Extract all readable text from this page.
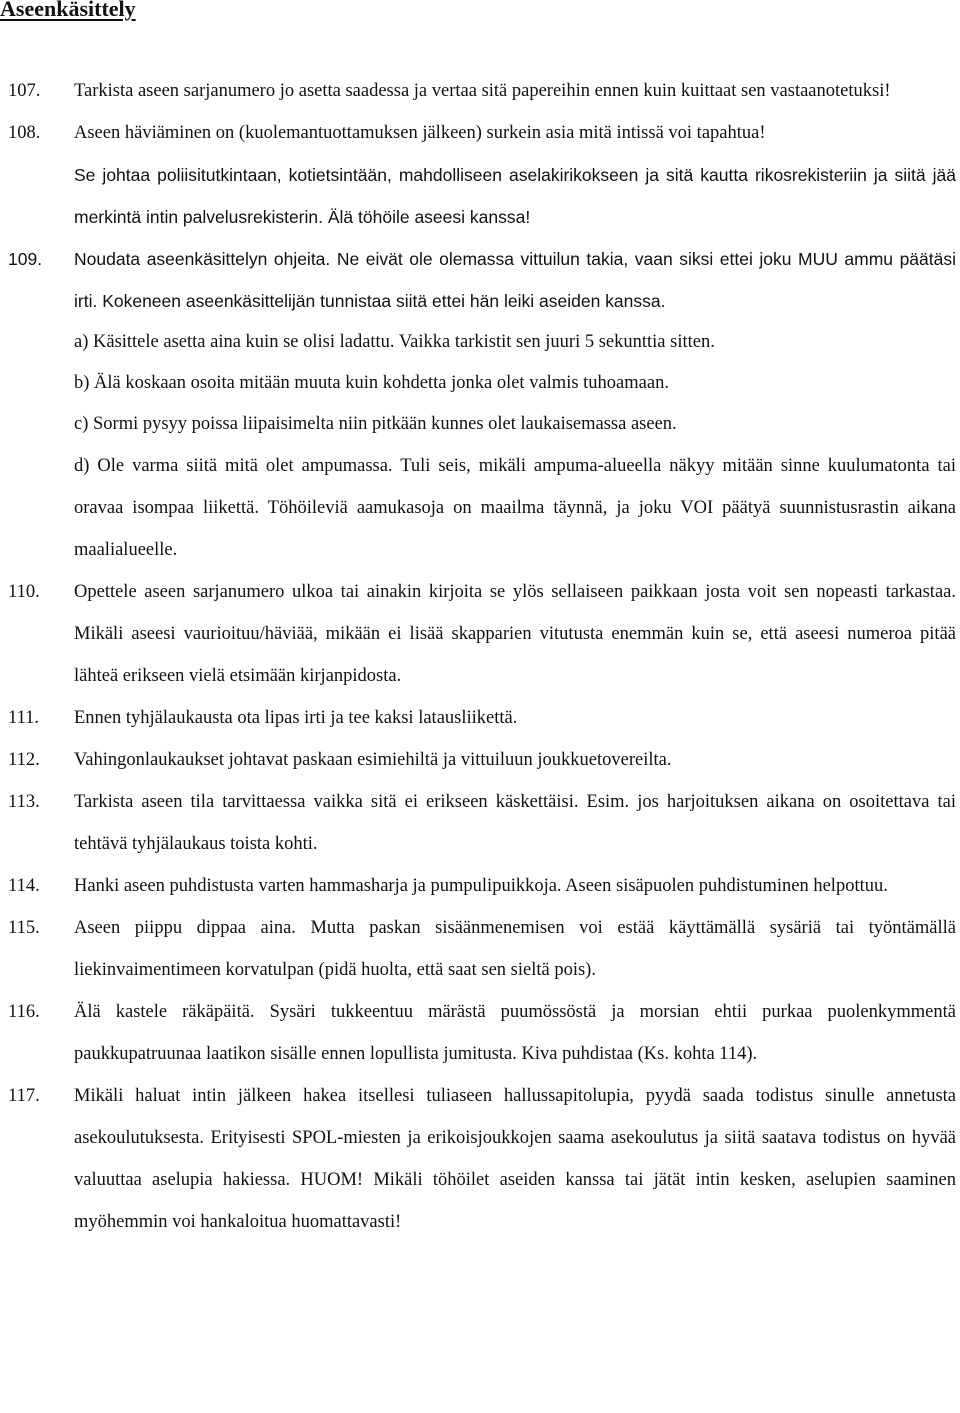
Aseenkäsittely
107. Tarkista aseen sarjanumero jo asetta saadessa ja vertaa sitä papereihin ennen kuin kuittaat sen vastaanotetuksi!
108. Aseen häviäminen on (kuolemantuottamuksen jälkeen) surkein asia mitä intissä voi tapahtua!
Se johtaa poliisitutkintaan, kotietsintään, mahdolliseen aselakirikokseen ja sitä kautta rikosrekisteriin ja siitä jää merkintä intin palvelusrekisterin. Älä töhöile aseesi kanssa!
109. Noudata aseenkäsittelyn ohjeita. Ne eivät ole olemassa vittuilun takia, vaan siksi ettei joku MUU ammu päätäsi irti. Kokeneen aseenkäsittelijän tunnistaa siitä ettei hän leiki aseiden kanssa.
a) Käsittele asetta aina kuin se olisi ladattu. Vaikka tarkistit sen juuri 5 sekunttia sitten.
b) Älä koskaan osoita mitään muuta kuin kohdetta jonka olet valmis tuhoamaan.
c) Sormi pysyy poissa liipaisimelta niin pitkään kunnes olet laukaisemassa aseen.
d) Ole varma siitä mitä olet ampumassa. Tuli seis, mikäli ampuma-alueella näkyy mitään sinne kuulumatonta tai oravaa isompaa liikettä. Töhöileviä aamukasoja on maailma täynnä, ja joku VOI päätyä suunnistusrastin aikana maalialueelle.
110. Opettele aseen sarjanumero ulkoa tai ainakin kirjoita se ylös sellaiseen paikkaan josta voit sen nopeasti tarkastaa. Mikäli aseesi vaurioituu/häviää, mikään ei lisää skapparien vitutusta enemmän kuin se, että aseesi numeroa pitää lähteä erikseen vielä etsimään kirjanpidosta.
111. Ennen tyhjälaukausta ota lipas irti ja tee kaksi latausliikettä.
112. Vahingonlaukaukset johtavat paskaan esimiehiltä ja vittuiluun joukkuetovereilta.
113. Tarkista aseen tila tarvittaessa vaikka sitä ei erikseen käskettäisi. Esim. jos harjoituksen aikana on osoitettava tai tehtävä tyhjälaukaus toista kohti.
114. Hanki aseen puhdistusta varten hammasharja ja pumpulipuikkoja. Aseen sisäpuolen puhdistuminen helpottuu.
115. Aseen piippu dippaa aina. Mutta paskan sisäänmenemisen voi estää käyttämällä sysäriä tai työntämällä liekinvaimentimeen korvatulpan (pidä huolta, että saat sen sieltä pois).
116. Älä kastele räkäpäitä. Sysäri tukkeentuu märästä puumössöstä ja morsian ehtii purkaa puolenkymmentä paukkupatruunaa laatikon sisälle ennen lopullista jumitusta. Kiva puhdistaa (Ks. kohta 114).
117. Mikäli haluat intin jälkeen hakea itsellesi tuliaseen hallussapitolupia, pyydä saada todistus sinulle annetusta asekoulutuksesta. Erityisesti SPOL-miesten ja erikoisjoukkojen saama asekoulutus ja siitä saatava todistus on hyvää valuuttaa aselupia hakiessa. HUOM! Mikäli töhöilet aseiden kanssa tai jätät intin kesken, aselupien saaminen myöhemmin voi hankaloitua huomattavasti!
